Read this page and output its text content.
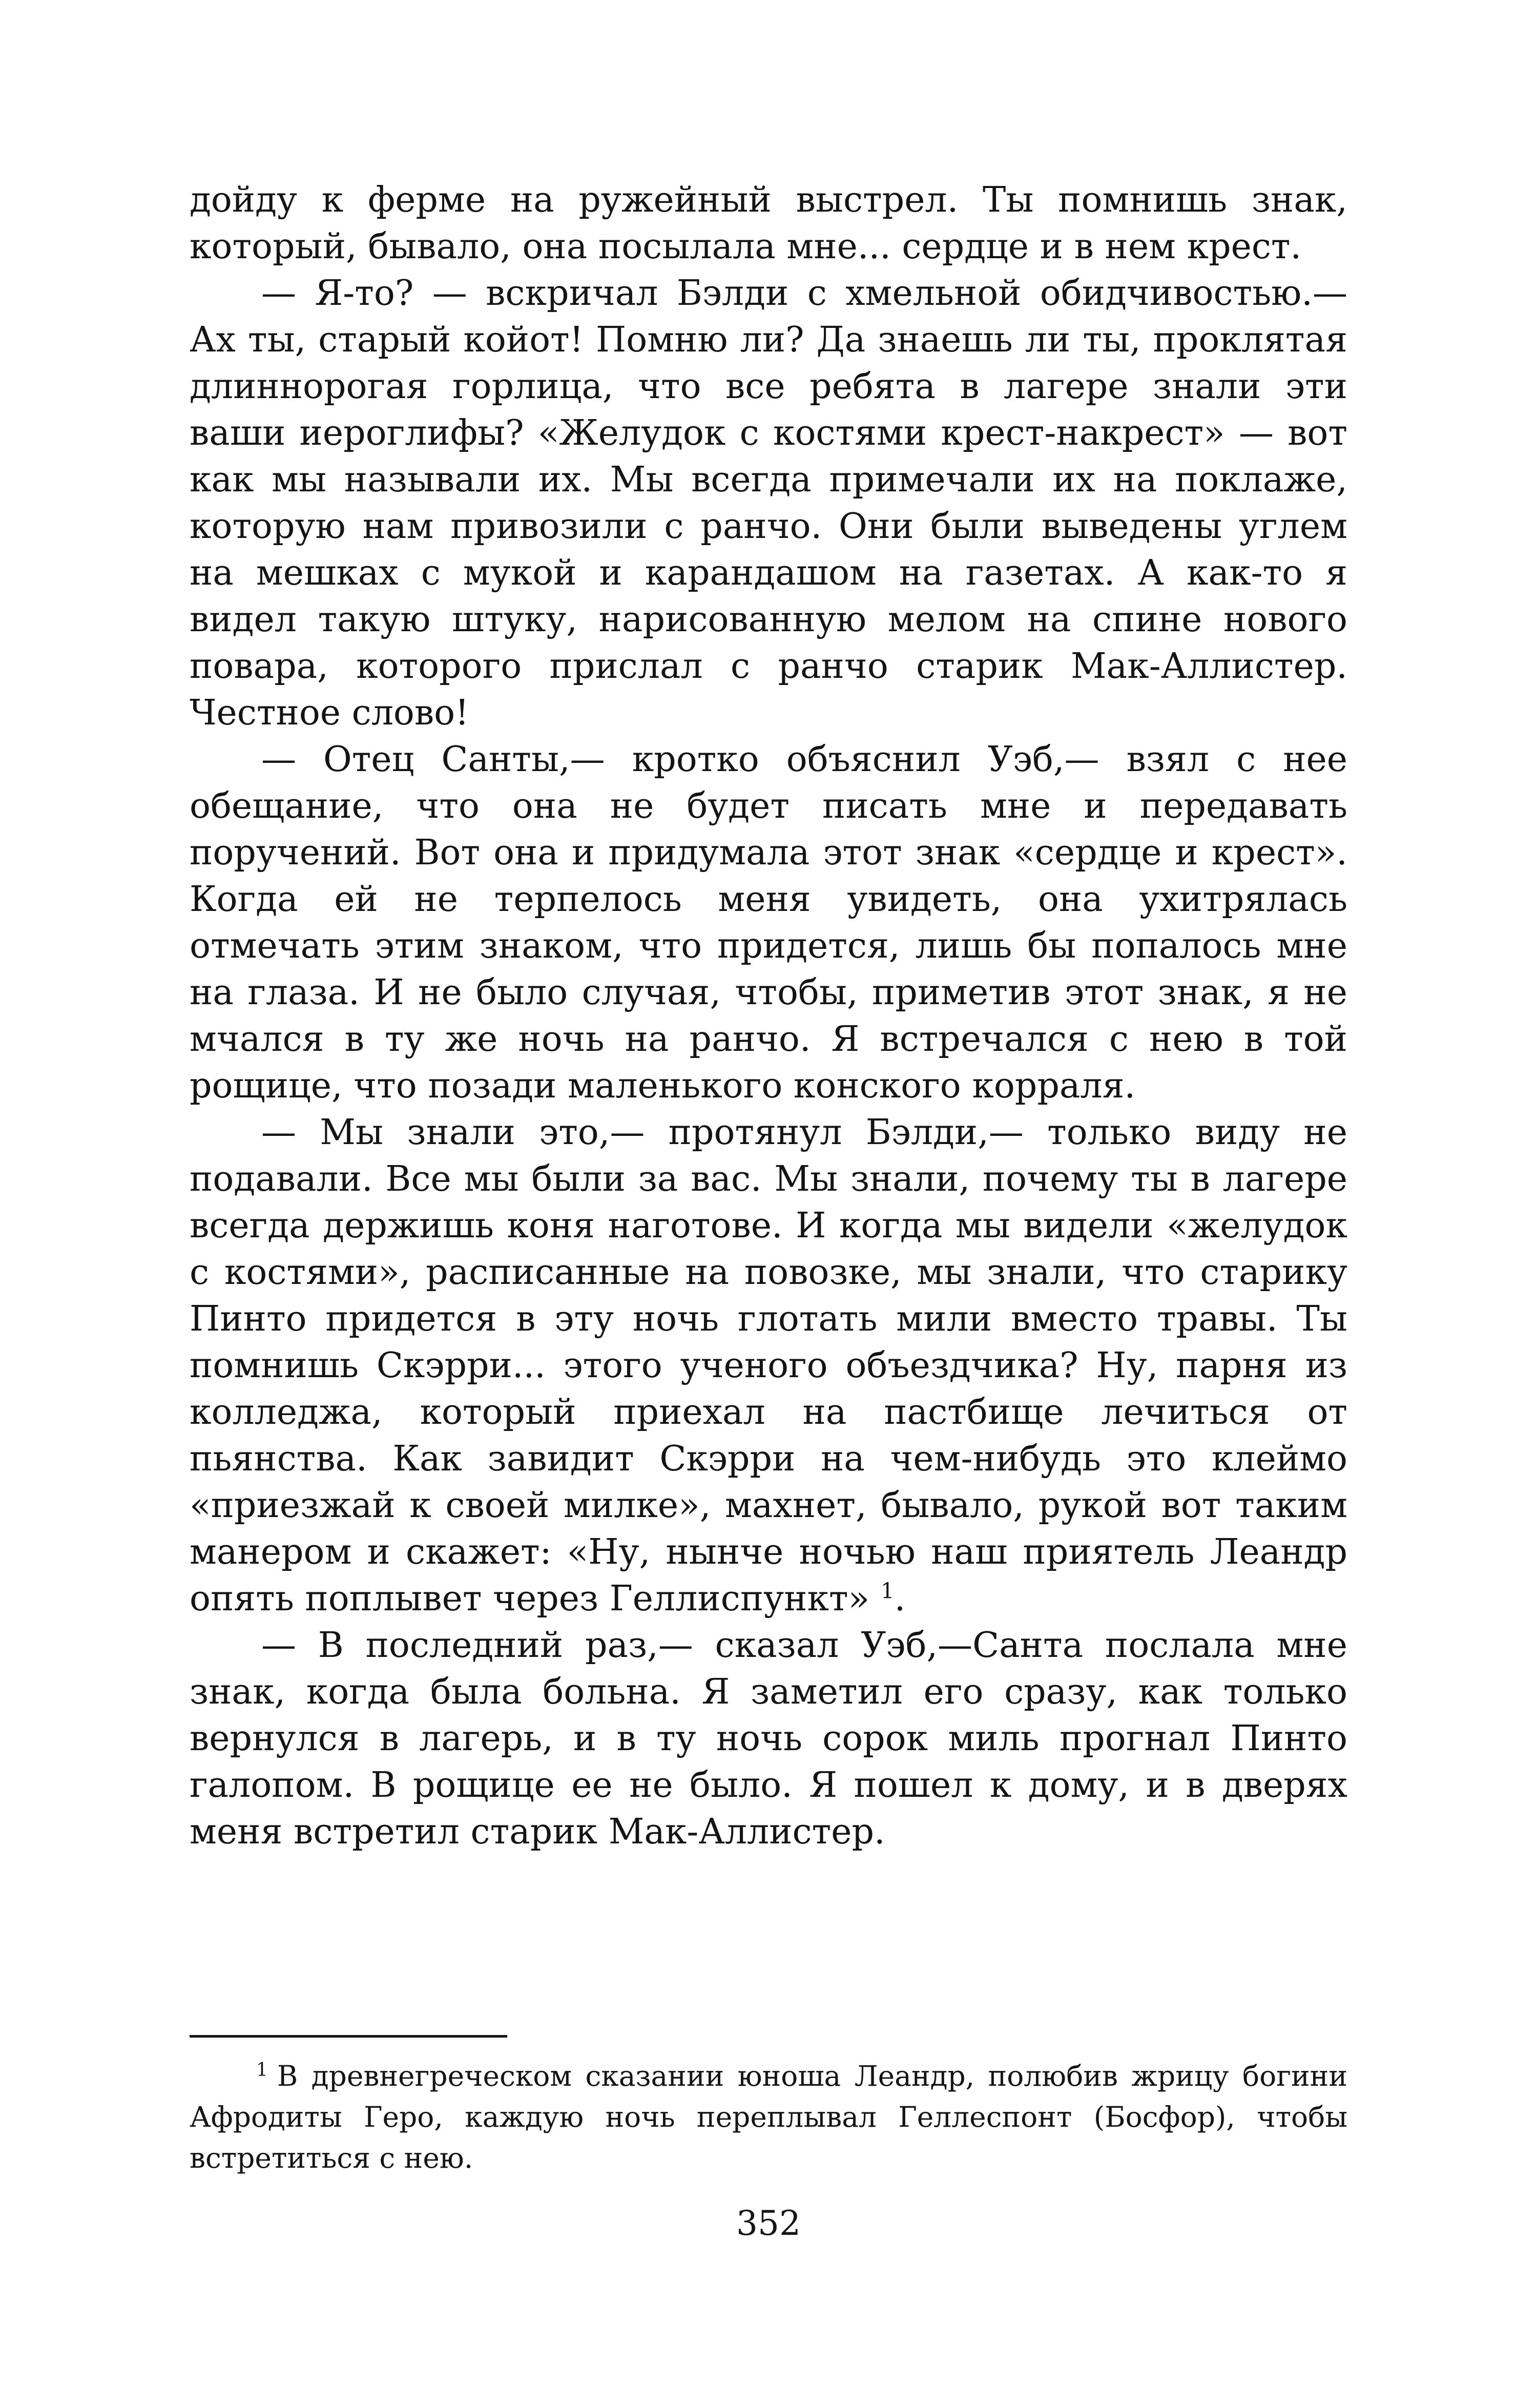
дойду к ферме на ружейный выстрел. Ты помнишь знак, который, бывало, она посылала мне... сердце и в нем крест.

— Я-то? — вскричал Бэлди с хмельной обидчивостью.— Ах ты, старый койот! Помню ли? Да знаешь ли ты, проклятая длиннорогая горлица, что все ребята в лагере знали эти ваши иероглифы? «Желудок с костями крест-накрест» — вот как мы называли их. Мы всегда примечали их на поклаже, которую нам привозили с ранчо. Они были выведены углем на мешках с мукой и карандашом на газетах. А как-то я видел такую штуку, нарисованную мелом на спине нового повара, которого прислал с ранчо старик Мак-Аллистер. Честное слово!

— Отец Санты,— кротко объяснил Уэб,— взял с нее обещание, что она не будет писать мне и передавать поручений. Вот она и придумала этот знак «сердце и крест». Когда ей не терпелось меня увидеть, она ухитрялась отмечать этим знаком, что придется, лишь бы попалось мне на глаза. И не было случая, чтобы, приметив этот знак, я не мчался в ту же ночь на ранчо. Я встречался с нею в той рощице, что позади маленького конского корраля.

— Мы знали это,— протянул Бэлди,— только виду не подавали. Все мы были за вас. Мы знали, почему ты в лагере всегда держишь коня наготове. И когда мы видели «желудок с костями», расписанные на повозке, мы знали, что старику Пинто придется в эту ночь глотать мили вместо травы. Ты помнишь Скэрри... этого ученого объездчика? Ну, парня из колледжа, который приехал на пастбище лечиться от пьянства. Как завидит Скэрри на чем-нибудь это клеймо «приезжай к своей милке», махнет, бывало, рукой вот таким манером и скажет: «Ну, нынче ночью наш приятель Леандр опять поплывет через Геллиспункт» $^1$.

— В последний раз,— сказал Уэб,—Санта послала мне знак, когда была больна. Я заметил его сразу, как только вернулся в лагерь, и в ту ночь сорок миль прогнал Пинто галопом. В рощице ее не было. Я пошел к дому, и в дверях меня встретил старик Мак-Аллистер.

$^1$ В древнегреческом сказании юноша Леандр, полюбив жрицу богини Афродиты Геро, каждую ночь переплывал Геллеспонт (Босфор), чтобы встретиться с нею.

352
